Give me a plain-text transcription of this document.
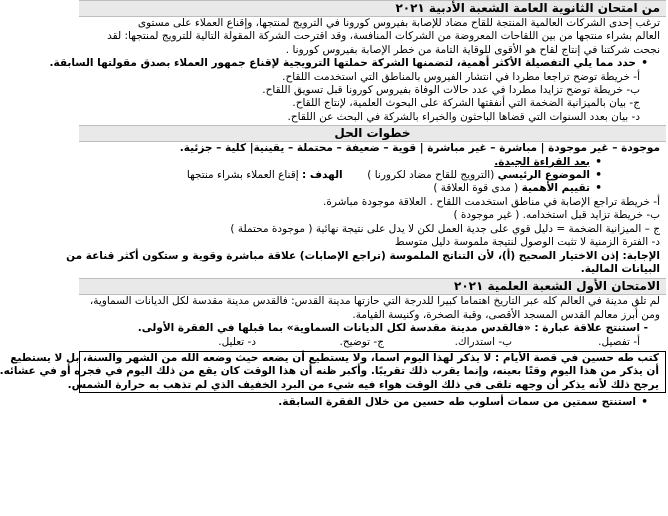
من امتحان الثانوية العامة الشعبة الأدبية ٢٠٢١
ترغب إحدى الشركات العالمية المنتجة للقاح مضاد للإصابة بفيروس كورونا في الترويج لمنتجها، وإقناع العملاء على مستوى
العالم بشراء منتجها من بين اللقاحات المعروضة من الشركات المنافسة، وقد اقترحت الشركة المقولة التالية للترويج لمنتجها: لقد
نجحت شركتنا في إنتاج لقاح هو الأقوى للوقاية التامة من خطر الإصابة بفيروس كورونا .
• حدد مما يلي التفصيلة الأكثر أهمية، لتضمنها الشركة حملتها الترويجية لإقناع جمهور العملاء بصدق مقولتها السابقة.
أ- خريطة توضح تراجعا مطردا في انتشار الفيروس بالمناطق التي استخدمت اللقاح.
ب- خريطة توضح تزايدا مطردا في عدد حالات الوفاة بفيروس كورونا قبل تسويق اللقاح.
ج- بيان بالميزانية الضخمة التي أنفقتها الشركة على البحوث العلمية، لإنتاج اللقاح.
د- بيان بعدد السنوات التي قضاها الباحثون والخبراء بالشركة في البحث عن اللقاح.
خطوات الحل
موجودة – غير موجودة | مباشرة – غير مباشرة | قوية – ضعيفة – محتملة – يقينية| كلية – جزئية.
• بعد القراءة الجيدة.
• الموضوع الرئيسي (الترويج للقاح مضاد لكرورنا )  الهدف : إقناع العملاء بشراء منتجها
• تقييم الأهمية ( مدى قوة العلاقة )
أ- خريطة تراجع الإصابة في مناطق استخدمت اللقاح . العلاقة موجودة مباشرة.
ب- خريطة تزايد قبل استخدامه. ( غير موجودة )
ج – الميزانية الضخمة = دليل قوي على جدية العمل لكن لا يدل على نتيجة نهائية ( موجودة محتملة )
د- الفترة الزمنية لا تثبت الوصول لنتيجة ملموسة دليل متوسط
الإجابة: إذن الاختيار الصحيح (أ)، لأن التناتج الملموسة (تراجع الإصابات) علاقة مباشرة وقوية و ستكون أكثر قناعة من
البيانات المالية.
الامتحان الأول الشعبة العلمية ٢٠٢١
لم تلق مدينة في العالم كله عبر التاريخ اهتماما كبيرا للدرجة التي حازتها مدينة القدس: فالقدس مدينة مقدسة لكل الديانات السماوية،
ومن أبرز معالم القدس المسجد الأقصى، وقبة الصخرة، وكنيسة القيامة.
- استنتج علاقة عبارة : «فالقدس مدينة مقدسة لكل الديانات السماوية» بما قبلها في الفقرة الأولى.
أ- تفصيل.ب- استدراك.ج- توضيح.د- تعليل.
كتب طه حسين في قصة الأيام : لا يذكر لهذا اليوم اسما، ولا يستطيع أن يضعه حيث وضعه الله من الشهر والسنة، بل لا يستطيع
أن يذكر من هذا اليوم وقتًا بعينه، وإنما يقرب ذلك تقريبًا. وأكبر ظنه أن هذا الوقت كان يقع من ذلك اليوم في فجره أو في عشائه.
يرجح ذلك لأنه يذكر أن وجهه تلقى في ذلك الوقت هواء فيه شيء من البرد الخفيف الذي لم تذهب به حرارة الشمس.
• استنتج سمتين من سمات أسلوب طه حسين من خلال الفقرة السابقة.
